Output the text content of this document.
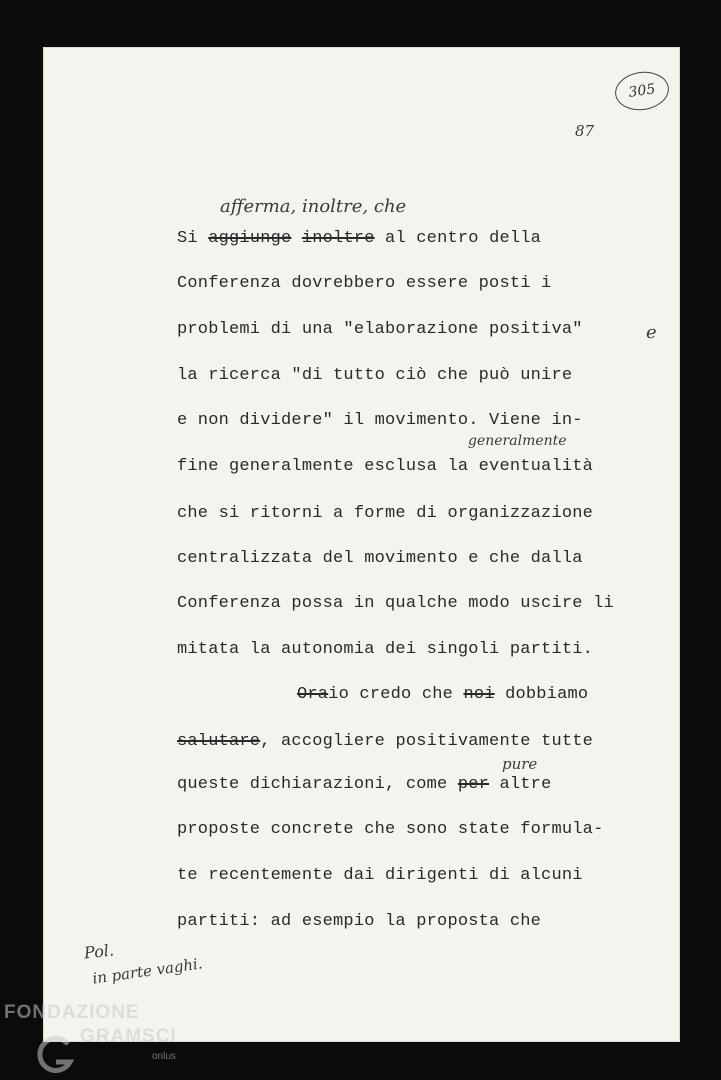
305
87
afferma, inoltre, che
Si aggiunge inoltre al centro della
Conferenza dovrebbero essere posti i
problemi di una "elaborazione positiva"	e
la ricerca "di tutto ciò che può unire
e non dividere" il movimento. Viene in-
generalmente
fine generalmente esclusa la eventualità
che si ritorni a forme di organizzazione
centralizzata del movimento e che dalla
Conferenza possa in qualche modo uscire li
mitata la autonomia dei singoli partiti.
Oraio credo che noi dobbiamo
salutare, accogliere positivamente tutte
pure
queste dichiarazioni, come per altre
proposte concrete che sono state formula-
te recentemente dai dirigenti di alcuni
partiti: ad esempio la proposta che
Pol.
in parte vaghi.
FONDAZIONE
GRAMSCI
onlus
